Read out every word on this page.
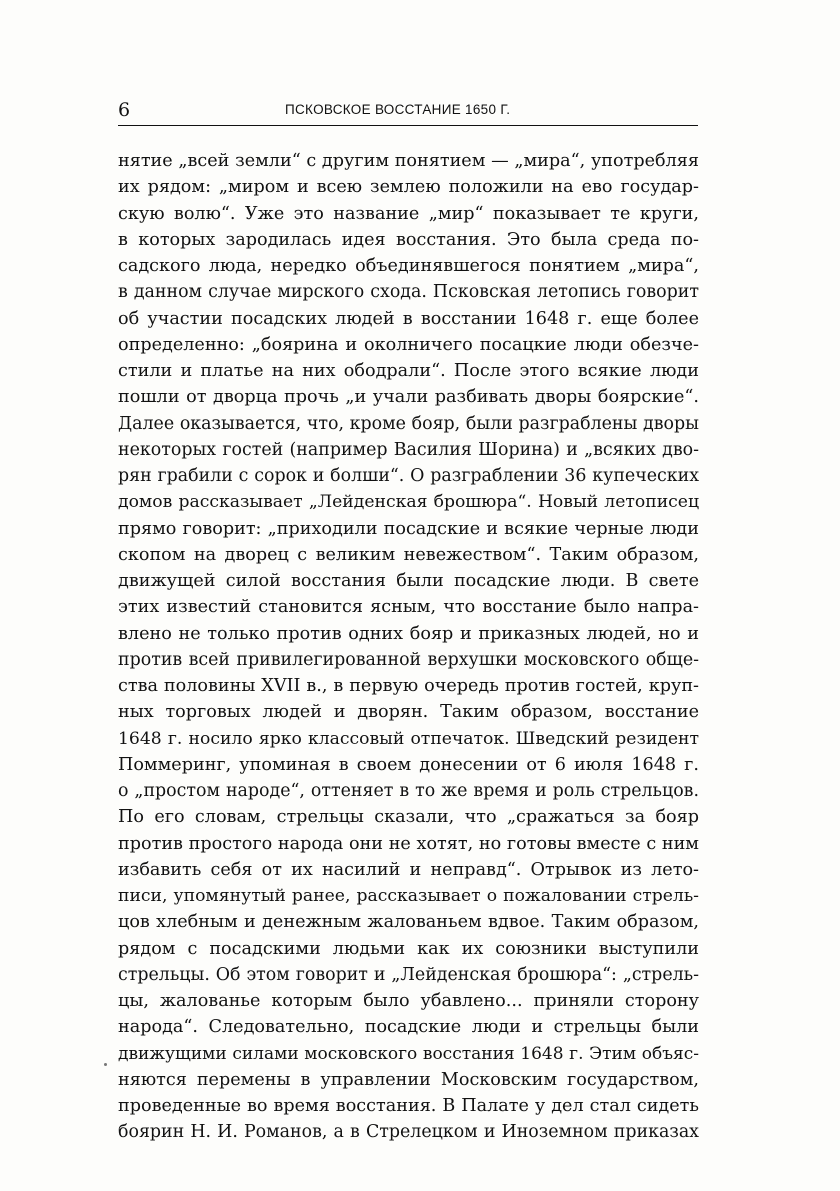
6	ПСКОВСКОЕ ВОССТАНИЕ 1650 Г.
нятие „всей земли“ с другим понятием — „мира“, употребляя
их рядом: „миром и всею землею положили на ево государ-
скую волю“. Уже это название „мир“ показывает те круги,
в которых зародилась идея восстания. Это была среда по-
садского люда, нередко объединявшегося понятием „мира“,
в данном случае мирского схода. Псковская летопись говорит
об участии посадских людей в восстании 1648 г. еще более
определенно: „боярина и околничего посацкие люди обезче-
стили и платье на них ободрали“. После этого всякие люди
пошли от дворца прочь „и учали разбивать дворы боярские“.
Далее оказывается, что, кроме бояр, были разграблены дворы
некоторых гостей (например Василия Шорина) и „всяких дво-
рян грабили с сорок и болши“. О разграблении 36 купеческих
домов рассказывает „Лейденская брошюра“. Новый летописец
прямо говорит: „приходили посадские и всякие черные люди
скопом на дворец с великим невежеством“. Таким образом,
движущей силой восстания были посадские люди. В свете
этих известий становится ясным, что восстание было напра-
влено не только против одних бояр и приказных людей, но и
против всей привилегированной верхушки московского обще-
ства половины XVII в., в первую очередь против гостей, круп-
ных торговых людей и дворян. Таким образом, восстание
1648 г. носило ярко классовый отпечаток. Шведский резидент
Поммеринг, упоминая в своем донесении от 6 июля 1648 г.
о „простом народе“, оттеняет в то же время и роль стрельцов.
По его словам, стрельцы сказали, что „сражаться за бояр
против простого народа они не хотят, но готовы вместе с ним
избавить себя от их насилий и неправд“. Отрывок из лето-
писи, упомянутый ранее, рассказывает о пожаловании стрель-
цов хлебным и денежным жалованьем вдвое. Таким образом,
рядом с посадскими людьми как их союзники выступили
стрельцы. Об этом говорит и „Лейденская брошюра“: „стрель-
цы, жалованье которым было убавлено... приняли сторону
народа“. Следовательно, посадские люди и стрельцы были
движущими силами московского восстания 1648 г. Этим объяс-
няются перемены в управлении Московским государством,
проведенные во время восстания. В Палате у дел стал сидеть
боярин Н. И. Романов, а в Стрелецком и Иноземном приказах
